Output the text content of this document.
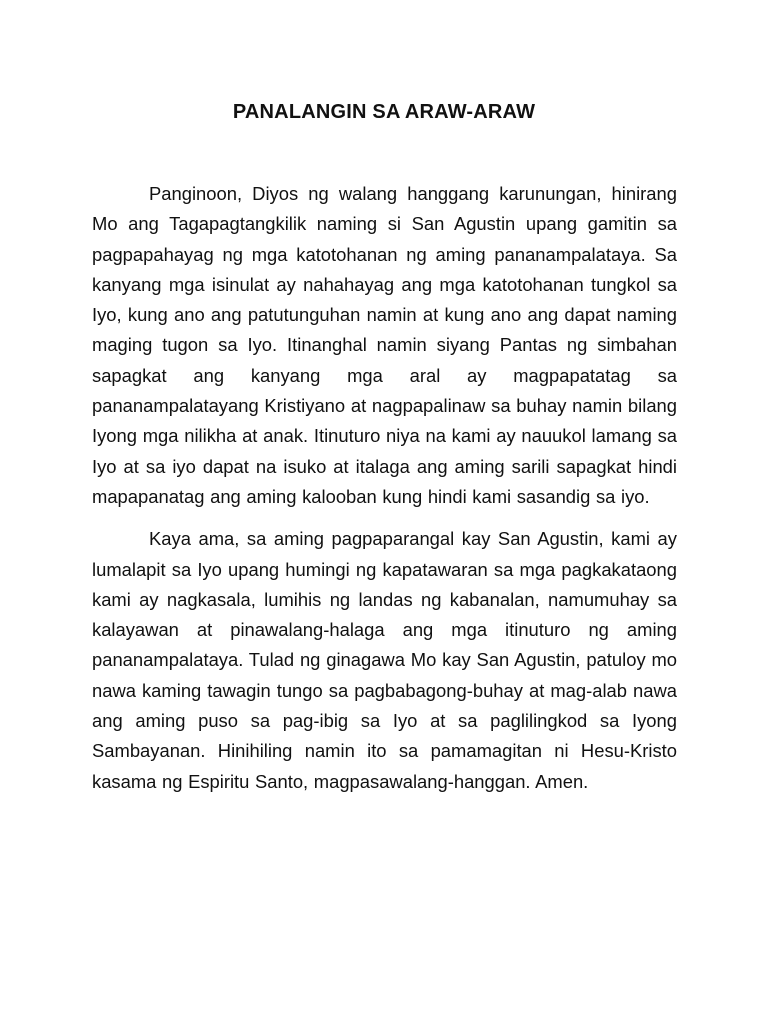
PANALANGIN SA ARAW-ARAW

Panginoon, Diyos ng walang hanggang karunungan, hinirang Mo ang Tagapagtangkilik naming si San Agustin upang gamitin sa pagpapahayag ng mga katotohanan ng aming pananampalataya. Sa kanyang mga isinulat ay nahahayag ang mga katotohanan tungkol sa Iyo, kung ano ang patutunguhan namin at kung ano ang dapat naming maging tugon sa Iyo. Itinanghal namin siyang Pantas ng simbahan sapagkat ang kanyang mga aral ay magpapatatag sa pananampalatayang Kristiyano at nagpapalinaw sa buhay namin bilang Iyong mga nilikha at anak. Itinuturo niya na kami ay nauukol lamang sa Iyo at sa iyo dapat na isuko at italaga ang aming sarili sapagkat hindi mapapanatag ang aming kalooban kung hindi kami sasandig sa iyo.

Kaya ama, sa aming pagpaparangal kay San Agustin, kami ay lumalapit sa Iyo upang humingi ng kapatawaran sa mga pagkakataong kami ay nagkasala, lumihis ng landas ng kabanalan, namumuhay sa kalayawan at pinawalang-halaga ang mga itinuturo ng aming pananampalataya. Tulad ng ginagawa Mo kay San Agustin, patuloy mo nawa kaming tawagin tungo sa pagbabagong-buhay at mag-alab nawa ang aming puso sa pag-ibig sa Iyo at sa paglilingkod sa Iyong Sambayanan. Hinihiling namin ito sa pamamagitan ni Hesu-Kristo kasama ng Espiritu Santo, magpasawalang-hanggan. Amen.
